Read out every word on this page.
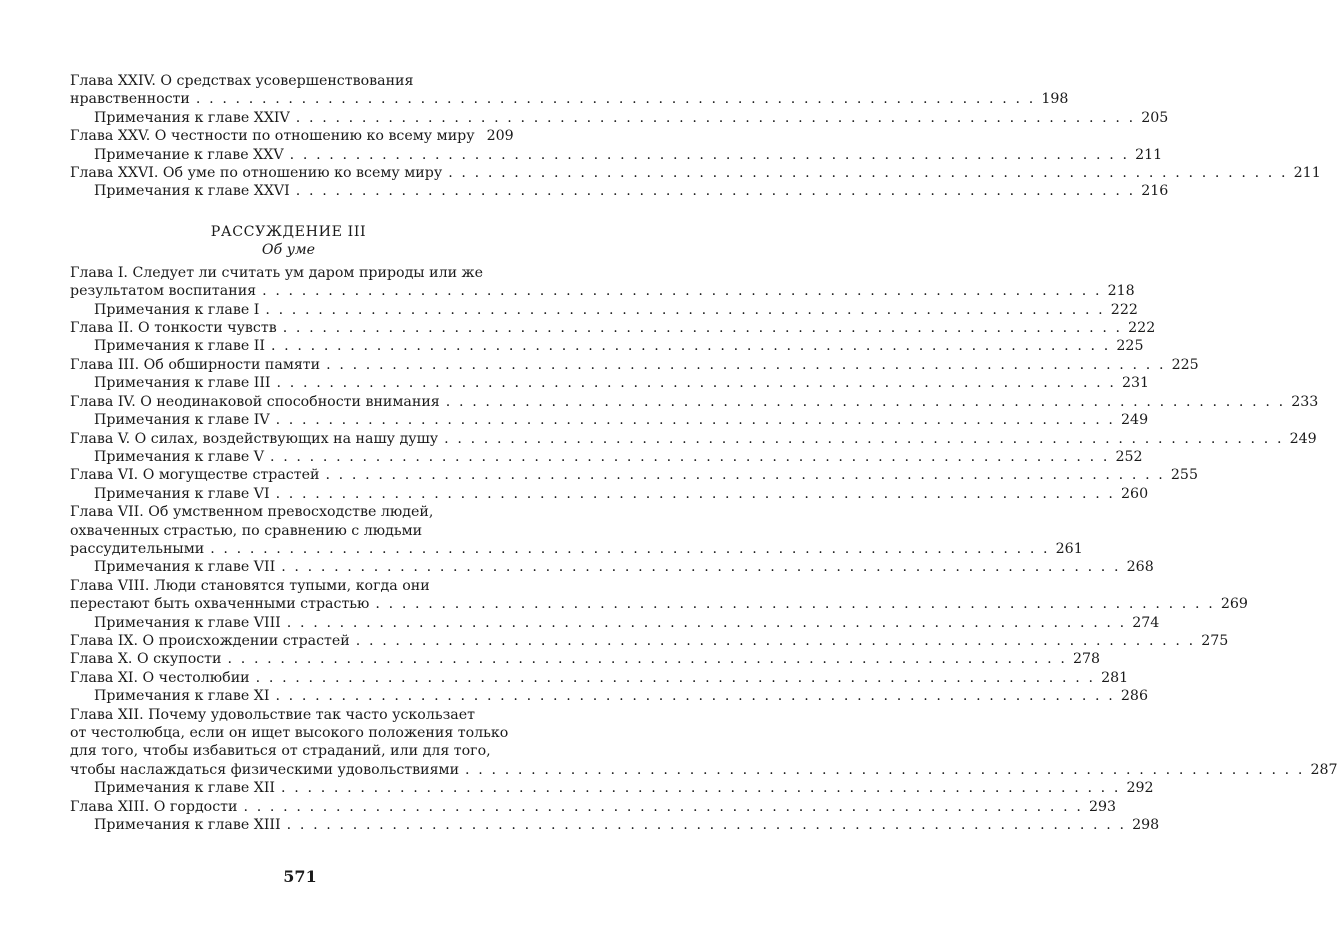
Глава XXIV. О средствах усовершенствования
нравственности . . . . . . . . . . . . . . . . . . . . . . . . . . . . . . . . . . . . . . . . . . . . . . . . . . . . . . . . . . . . . . . . 198
Примечания к главе XXIV . . . . . . . . . . . . . . . . . . . . . . . . . . . . . . . . . . . . . . . . . . . . . . . . . . . . . . . . . . . . . . . . 205
Глава XXV. О честности по отношению ко всему миру 209
Примечание к главе XXV . . . . . . . . . . . . . . . . . . . . . . . . . . . . . . . . . . . . . . . . . . . . . . . . . . . . . . . . . . . . . . . . 211
Глава XXVI. Об уме по отношению ко всему миру . . . . . . . . . . . . . . . . . . . . . . . . . . . . . . . . . . . . . . . . . . . . . . . . . . . . . . . . . . . . . . . . 211
Примечания к главе XXVI . . . . . . . . . . . . . . . . . . . . . . . . . . . . . . . . . . . . . . . . . . . . . . . . . . . . . . . . . . . . . . . . 216
РАССУЖДЕНИЕ III
Об уме
Глава I. Следует ли считать ум даром природы или же
результатом воспитания . . . . . . . . . . . . . . . . . . . . . . . . . . . . . . . . . . . . . . . . . . . . . . . . . . . . . . . . . . . . . . . . 218
Примечания к главе I . . . . . . . . . . . . . . . . . . . . . . . . . . . . . . . . . . . . . . . . . . . . . . . . . . . . . . . . . . . . . . . . 222
Глава II. О тонкости чувств . . . . . . . . . . . . . . . . . . . . . . . . . . . . . . . . . . . . . . . . . . . . . . . . . . . . . . . . . . . . . . . . 222
Примечания к главе II . . . . . . . . . . . . . . . . . . . . . . . . . . . . . . . . . . . . . . . . . . . . . . . . . . . . . . . . . . . . . . . . 225
Глава III. Об обширности памяти . . . . . . . . . . . . . . . . . . . . . . . . . . . . . . . . . . . . . . . . . . . . . . . . . . . . . . . . . . . . . . . . 225
Примечания к главе III . . . . . . . . . . . . . . . . . . . . . . . . . . . . . . . . . . . . . . . . . . . . . . . . . . . . . . . . . . . . . . . . 231
Глава IV. О неодинаковой способности внимания . . . . . . . . . . . . . . . . . . . . . . . . . . . . . . . . . . . . . . . . . . . . . . . . . . . . . . . . . . . . . . . . 233
Примечания к главе IV . . . . . . . . . . . . . . . . . . . . . . . . . . . . . . . . . . . . . . . . . . . . . . . . . . . . . . . . . . . . . . . . 249
Глава V. О силах, воздействующих на нашу душу . . . . . . . . . . . . . . . . . . . . . . . . . . . . . . . . . . . . . . . . . . . . . . . . . . . . . . . . . . . . . . . . 249
Примечания к главе V . . . . . . . . . . . . . . . . . . . . . . . . . . . . . . . . . . . . . . . . . . . . . . . . . . . . . . . . . . . . . . . . 252
Глава VI. О могуществе страстей . . . . . . . . . . . . . . . . . . . . . . . . . . . . . . . . . . . . . . . . . . . . . . . . . . . . . . . . . . . . . . . . 255
Примечания к главе VI . . . . . . . . . . . . . . . . . . . . . . . . . . . . . . . . . . . . . . . . . . . . . . . . . . . . . . . . . . . . . . . . 260
Глава VII. Об умственном превосходстве людей,
охваченных страстью, по сравнению с людьми
рассудительными . . . . . . . . . . . . . . . . . . . . . . . . . . . . . . . . . . . . . . . . . . . . . . . . . . . . . . . . . . . . . . . . 261
Примечания к главе VII . . . . . . . . . . . . . . . . . . . . . . . . . . . . . . . . . . . . . . . . . . . . . . . . . . . . . . . . . . . . . . . . 268
Глава VIII. Люди становятся тупыми, когда они
перестают быть охваченными страстью . . . . . . . . . . . . . . . . . . . . . . . . . . . . . . . . . . . . . . . . . . . . . . . . . . . . . . . . . . . . . . . . 269
Примечания к главе VIII . . . . . . . . . . . . . . . . . . . . . . . . . . . . . . . . . . . . . . . . . . . . . . . . . . . . . . . . . . . . . . . . 274
Глава IX. О происхождении страстей . . . . . . . . . . . . . . . . . . . . . . . . . . . . . . . . . . . . . . . . . . . . . . . . . . . . . . . . . . . . . . . . 275
Глава X. О скупости . . . . . . . . . . . . . . . . . . . . . . . . . . . . . . . . . . . . . . . . . . . . . . . . . . . . . . . . . . . . . . . . 278
Глава XI. О честолюбии . . . . . . . . . . . . . . . . . . . . . . . . . . . . . . . . . . . . . . . . . . . . . . . . . . . . . . . . . . . . . . . . 281
Примечания к главе XI . . . . . . . . . . . . . . . . . . . . . . . . . . . . . . . . . . . . . . . . . . . . . . . . . . . . . . . . . . . . . . . . 286
Глава XII. Почему удовольствие так часто ускользает
от честолюбца, если он ищет высокого положения только
для того, чтобы избавиться от страданий, или для того,
чтобы наслаждаться физическими удовольствиями . . . . . . . . . . . . . . . . . . . . . . . . . . . . . . . . . . . . . . . . . . . . . . . . . . . . . . . . . . . . . . . . 287
Примечания к главе XII . . . . . . . . . . . . . . . . . . . . . . . . . . . . . . . . . . . . . . . . . . . . . . . . . . . . . . . . . . . . . . . . 292
Глава XIII. О гордости . . . . . . . . . . . . . . . . . . . . . . . . . . . . . . . . . . . . . . . . . . . . . . . . . . . . . . . . . . . . . . . . 293
Примечания к главе XIII . . . . . . . . . . . . . . . . . . . . . . . . . . . . . . . . . . . . . . . . . . . . . . . . . . . . . . . . . . . . . . . . 298
571
